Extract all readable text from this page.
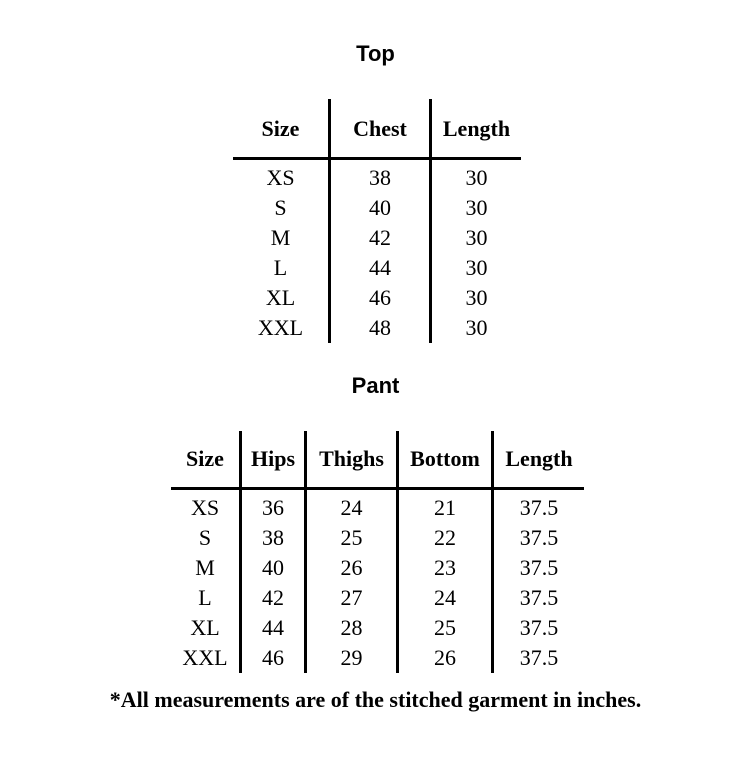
Top
Size	Chest	Length
XS	38	30
S	40	30
M	42	30
L	44	30
XL	46	30
XXL	48	30
Pant
Size	Hips	Thighs	Bottom	Length
XS	36	24	21	37.5
S	38	25	22	37.5
M	40	26	23	37.5
L	42	27	24	37.5
XL	44	28	25	37.5
XXL	46	29	26	37.5
*All measurements are of the stitched garment in inches.
